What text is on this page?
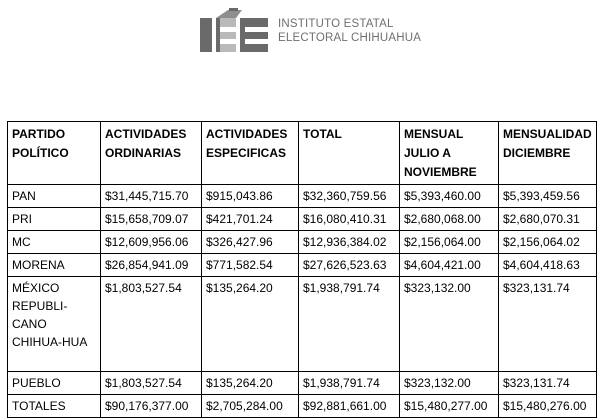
INSTITUTO ESTATAL
ELECTORAL CHIHUAHUA
PARTIDO POLÍTICO	ACTIVIDADES ORDINARIAS	ACTIVIDADES ESPECIFICAS	TOTAL	MENSUAL JULIO A NOVIEMBRE	MENSUALIDAD DICIEMBRE
PAN	$31,445,715.70	$915,043.86	$32,360,759.56	$5,393,460.00	$5,393,459.56
PRI	$15,658,709.07	$421,701.24	$16,080,410.31	$2,680,068.00	$2,680,070.31
MC	$12,609,956.06	$326,427.96	$12,936,384.02	$2,156,064.00	$2,156,064.02
MORENA	$26,854,941.09	$771,582.54	$27,626,523.63	$4,604,421.00	$4,604,418.63
MÉXICO REPUBLI-CANO CHIHUA-HUA	$1,803,527.54	$135,264.20	$1,938,791.74	$323,132.00	$323,131.74
PUEBLO	$1,803,527.54	$135,264.20	$1,938,791.74	$323,132.00	$323,131.74
TOTALES	$90,176,377.00	$2,705,284.00	$92,881,661.00	$15,480,277.00	$15,480,276.00
